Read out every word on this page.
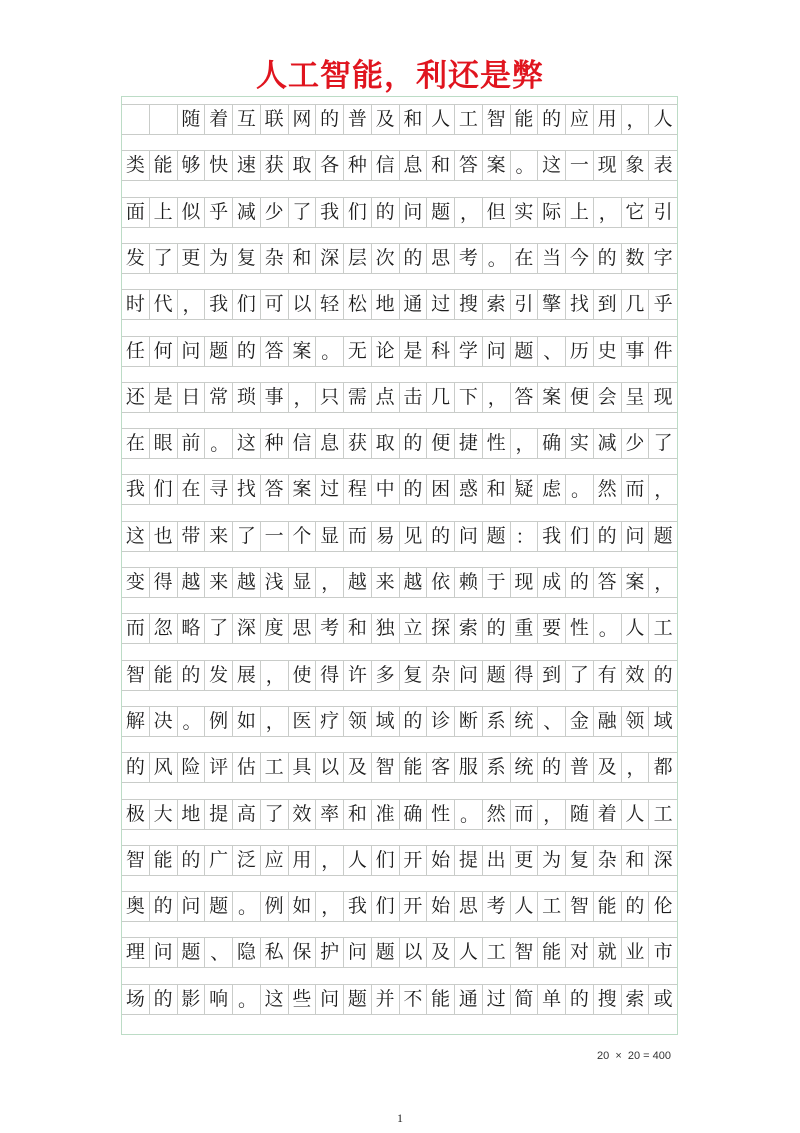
人工智能，利还是弊
随 着 互 联 网 的 普 及 和 人 工 智 能 的 应 用 ， 人
类 能 够 快 速 获 取 各 种 信 息 和 答 案 。 这 一 现 象 表
面 上 似 乎 减 少 了 我 们 的 问 题 ， 但 实 际 上 ， 它 引
发 了 更 为 复 杂 和 深 层 次 的 思 考 。 在 当 今 的 数 字
时 代 ， 我 们 可 以 轻 松 地 通 过 搜 索 引 擎 找 到 几 乎
任 何 问 题 的 答 案 。 无 论 是 科 学 问 题 、 历 史 事 件
还 是 日 常 琐 事 ， 只 需 点 击 几 下 ， 答 案 便 会 呈 现
在 眼 前 。 这 种 信 息 获 取 的 便 捷 性 ， 确 实 减 少 了
我 们 在 寻 找 答 案 过 程 中 的 困 惑 和 疑 虑 。 然 而 ，
这 也 带 来 了 一 个 显 而 易 见 的 问 题 ： 我 们 的 问 题
变 得 越 来 越 浅 显 ， 越 来 越 依 赖 于 现 成 的 答 案 ，
而 忽 略 了 深 度 思 考 和 独 立 探 索 的 重 要 性 。 人 工
智 能 的 发 展 ， 使 得 许 多 复 杂 问 题 得 到 了 有 效 的
解 决 。 例 如 ， 医 疗 领 域 的 诊 断 系 统 、 金 融 领 域
的 风 险 评 估 工 具 以 及 智 能 客 服 系 统 的 普 及 ， 都
极 大 地 提 高 了 效 率 和 准 确 性 。 然 而 ， 随 着 人 工
智 能 的 广 泛 应 用 ， 人 们 开 始 提 出 更 为 复 杂 和 深
奥 的 问 题 。 例 如 ， 我 们 开 始 思 考 人 工 智 能 的 伦
理 问 题 、 隐 私 保 护 问 题 以 及 人 工 智 能 对 就 业 市
场 的 影 响 。 这 些 问 题 并 不 能 通 过 简 单 的 搜 索 或
20  ×  20 = 400
1
